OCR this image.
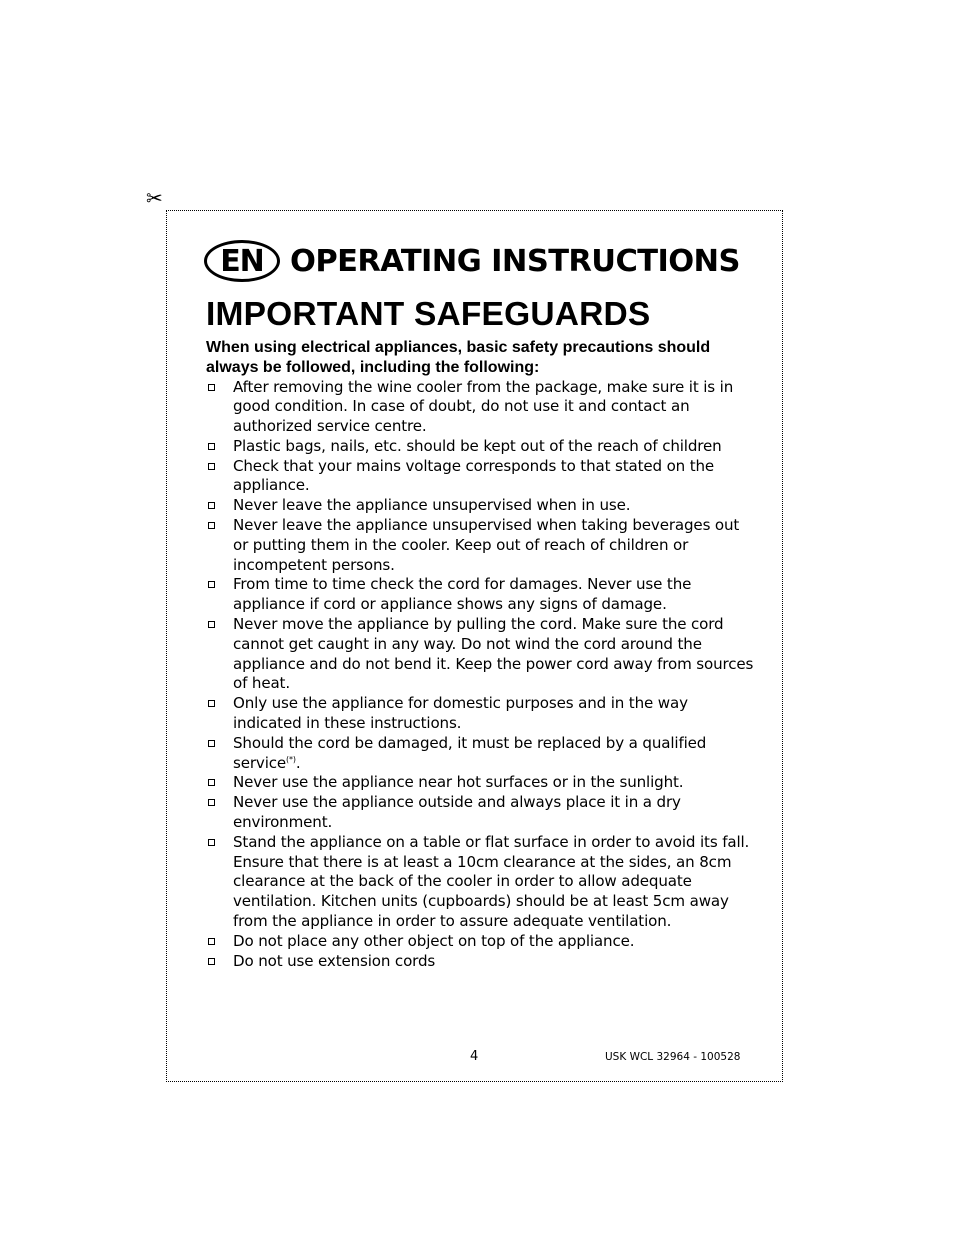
✂
EN OPERATING INSTRUCTIONS
IMPORTANT SAFEGUARDS

When using electrical appliances, basic safety precautions should always be followed, including the following:

After removing the wine cooler from the package, make sure it is in good condition. In case of doubt, do not use it and contact an authorized service centre.
Plastic bags, nails, etc. should be kept out of the reach of children
Check that your mains voltage corresponds to that stated on the appliance.
Never leave the appliance unsupervised when in use.
Never leave the appliance unsupervised when taking beverages out or putting them in the cooler. Keep out of reach of children or incompetent persons.
From time to time check the cord for damages. Never use the appliance if cord or appliance shows any signs of damage.
Never move the appliance by pulling the cord. Make sure the cord cannot get caught in any way. Do not wind the cord around the appliance and do not bend it. Keep the power cord away from sources of heat.
Only use the appliance for domestic purposes and in the way indicated in these instructions.
Should the cord be damaged, it must be replaced by a qualified service(*).
Never use the appliance near hot surfaces or in the sunlight.
Never use the appliance outside and always place it in a dry environment.
Stand the appliance on a table or flat surface in order to avoid its fall. Ensure that there is at least a 10cm clearance at the sides, an 8cm clearance at the back of the cooler in order to allow adequate ventilation. Kitchen units (cupboards) should be at least 5cm away from the appliance in order to assure adequate ventilation.
Do not place any other object on top of the appliance.
Do not use extension cords
4	USK WCL 32964 - 100528
